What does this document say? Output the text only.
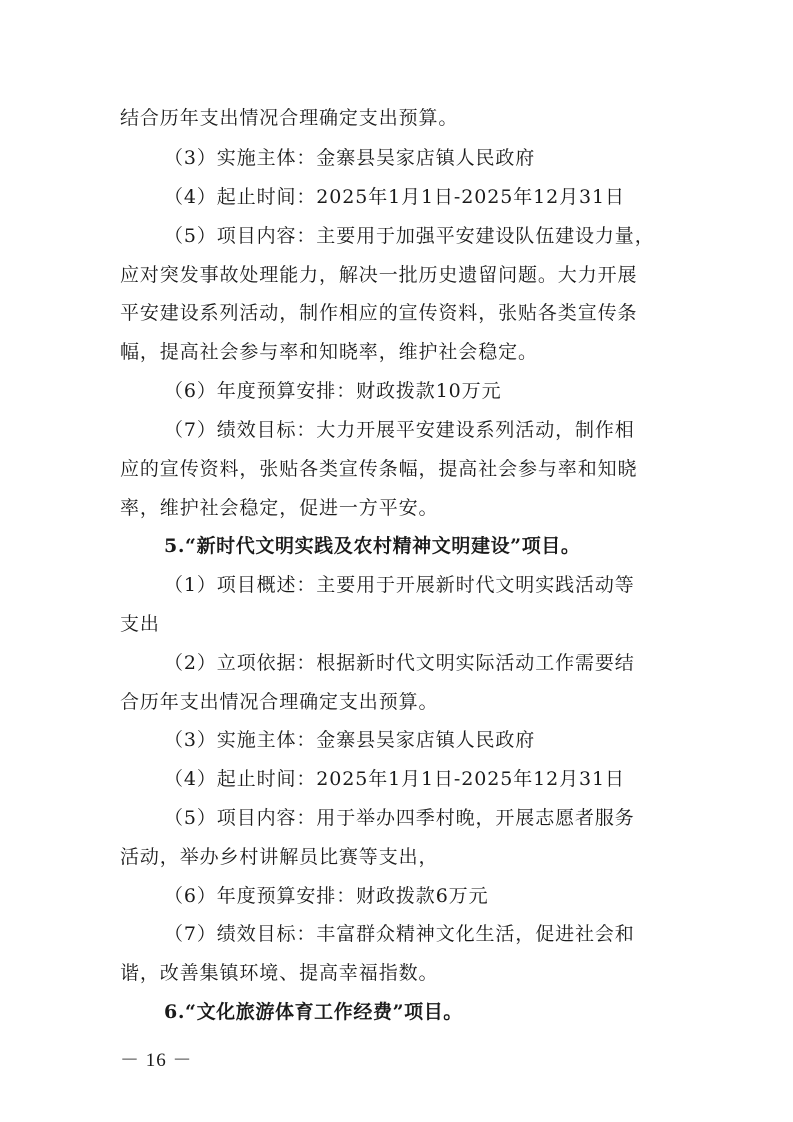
结合历年支出情况合理确定支出预算。
（3）实施主体：金寨县吴家店镇人民政府
（4）起止时间：2025年1月1日-2025年12月31日
（5）项目内容：主要用于加强平安建设队伍建设力量，
应对突发事故处理能力，解决一批历史遗留问题。大力开展
平安建设系列活动，制作相应的宣传资料，张贴各类宣传条
幅，提高社会参与率和知晓率，维护社会稳定。
（6）年度预算安排：财政拨款10万元
（7）绩效目标：大力开展平安建设系列活动，制作相
应的宣传资料，张贴各类宣传条幅，提高社会参与率和知晓
率，维护社会稳定，促进一方平安。
5.“新时代文明实践及农村精神文明建设”项目。
（1）项目概述：主要用于开展新时代文明实践活动等
支出
（2）立项依据：根据新时代文明实际活动工作需要结
合历年支出情况合理确定支出预算。
（3）实施主体：金寨县吴家店镇人民政府
（4）起止时间：2025年1月1日-2025年12月31日
（5）项目内容：用于举办四季村晚，开展志愿者服务
活动，举办乡村讲解员比赛等支出，
（6）年度预算安排：财政拨款6万元
（7）绩效目标：丰富群众精神文化生活，促进社会和
谐，改善集镇环境、提高幸福指数。
6.“文化旅游体育工作经费”项目。
－ 16 －
